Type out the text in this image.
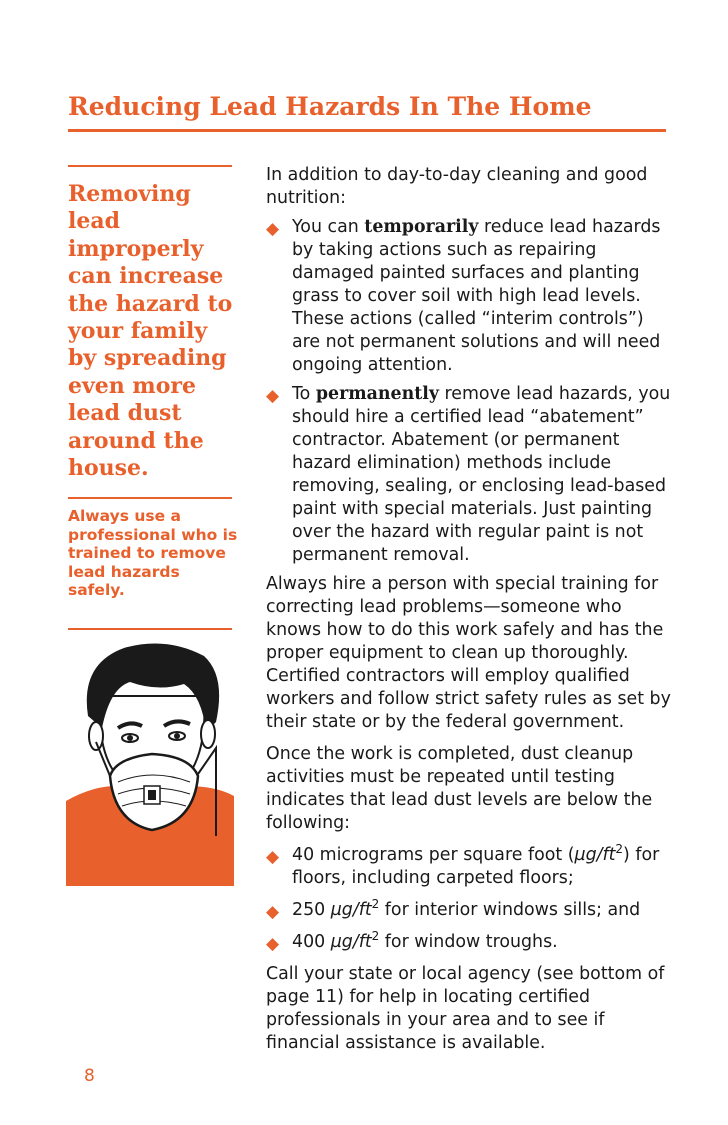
Reducing Lead Hazards In The Home
Removing lead improperly can increase the hazard to your family by spreading even more lead dust around the house.
Always use a professional who is trained to remove lead hazards safely.
8

In addition to day-to-day cleaning and good nutrition:

◆ You can temporarily reduce lead hazards by taking actions such as repairing damaged painted surfaces and planting grass to cover soil with high lead levels. These actions (called “interim controls”) are not permanent solutions and will need ongoing attention.

◆ To permanently remove lead hazards, you should hire a certified lead “abatement” contractor. Abatement (or permanent hazard elimination) methods include removing, sealing, or enclosing lead-based paint with special materials. Just painting over the hazard with regular paint is not permanent removal.

Always hire a person with special training for correcting lead problems—someone who knows how to do this work safely and has the proper equipment to clean up thoroughly. Certified contractors will employ qualified workers and follow strict safety rules as set by their state or by the federal government.

Once the work is completed, dust cleanup activities must be repeated until testing indicates that lead dust levels are below the following:

◆ 40 micrograms per square foot $(\mu g/ft^2)$ for floors, including carpeted floors;

◆ 250 $\mu g/ft^2$ for interior windows sills; and

◆ 400 $\mu g/ft^2$ for window troughs.

Call your state or local agency (see bottom of page 11) for help in locating certified professionals in your area and to see if financial assistance is available.
